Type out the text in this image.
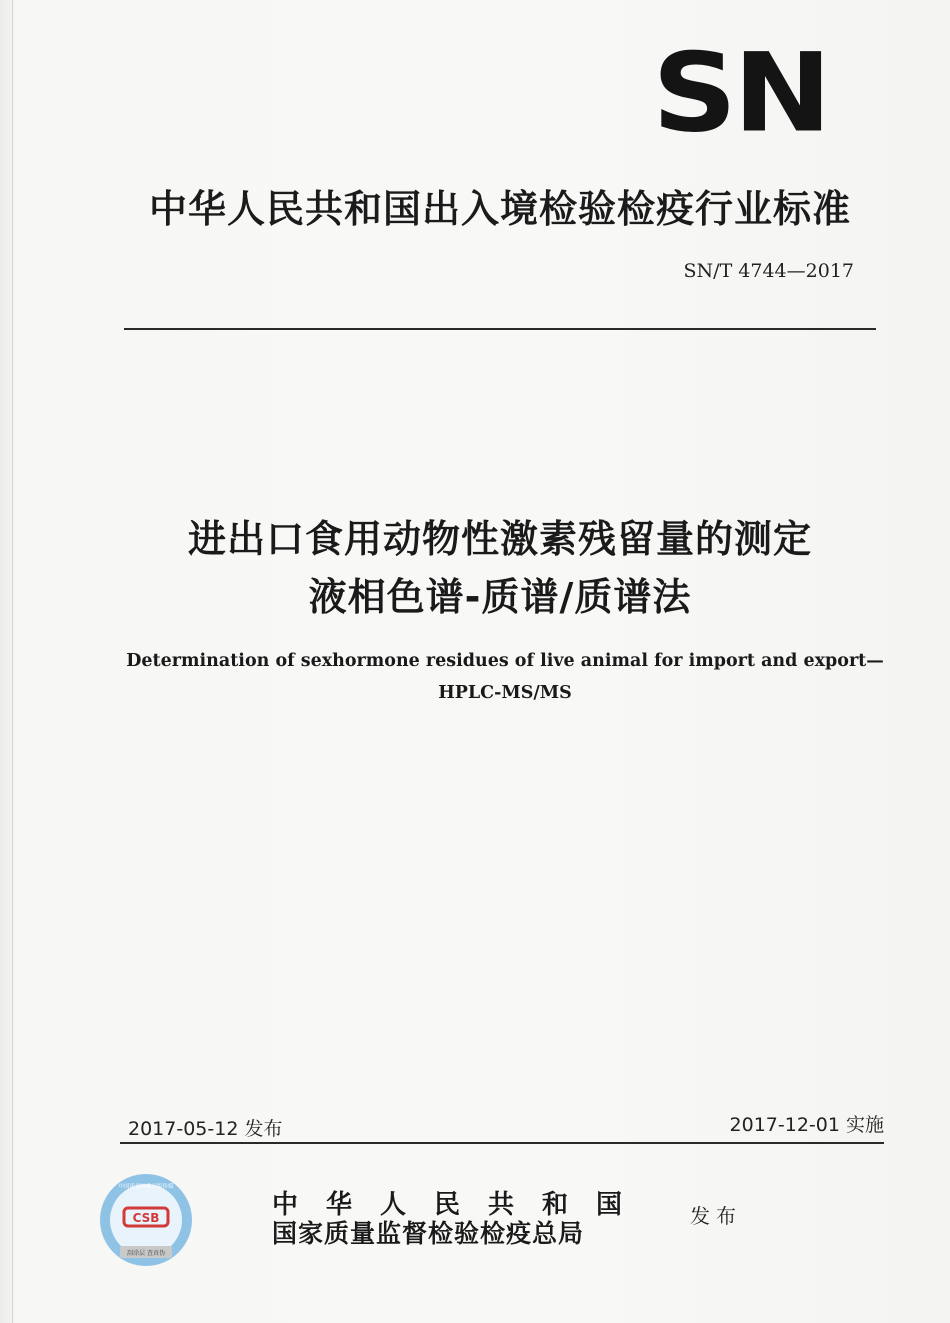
SN
中华人民共和国出入境检验检疫行业标准
SN/T 4744—2017
进出口食用动物性激素残留量的测定
液相色谱-质谱/质谱法
Determination of sexhormone residues of live animal for import and export—
HPLC-MS/MS
2017-05-12 发布	2017-12-01 实施
CSB
中国质量标准出版传媒
刮涂层 查真伪
中华人民共和国
国家质量监督检验检疫总局
发布
